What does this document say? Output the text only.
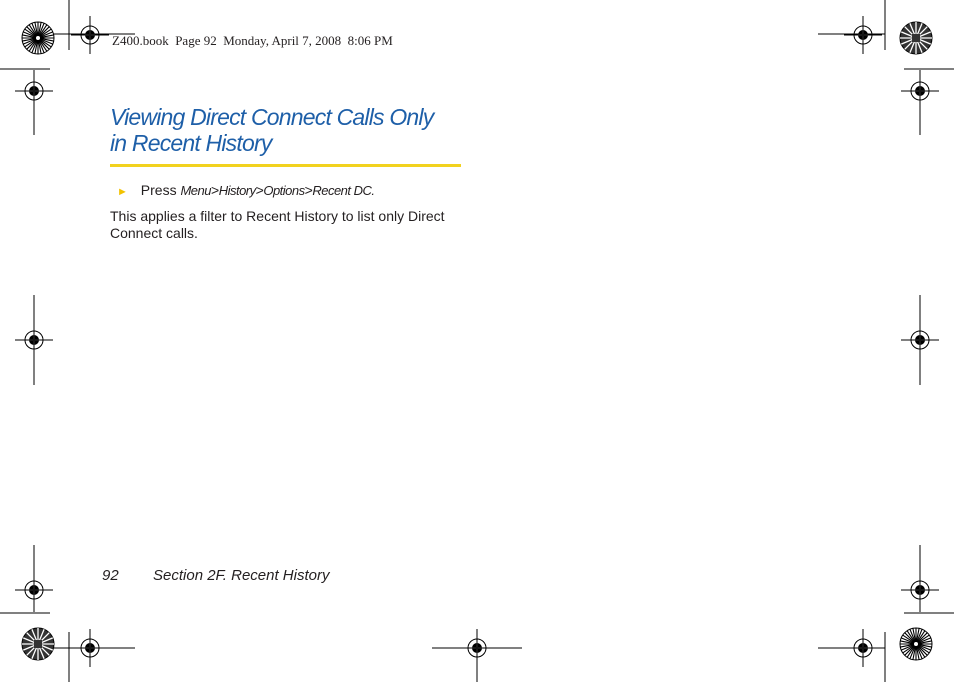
Z400.book  Page 92  Monday, April 7, 2008  8:06 PM
Viewing Direct Connect Calls Only
in Recent History
► Press Menu>History>Options>Recent DC.

This applies a filter to Recent History to list only Direct Connect calls.

92 Section 2F. Recent History
